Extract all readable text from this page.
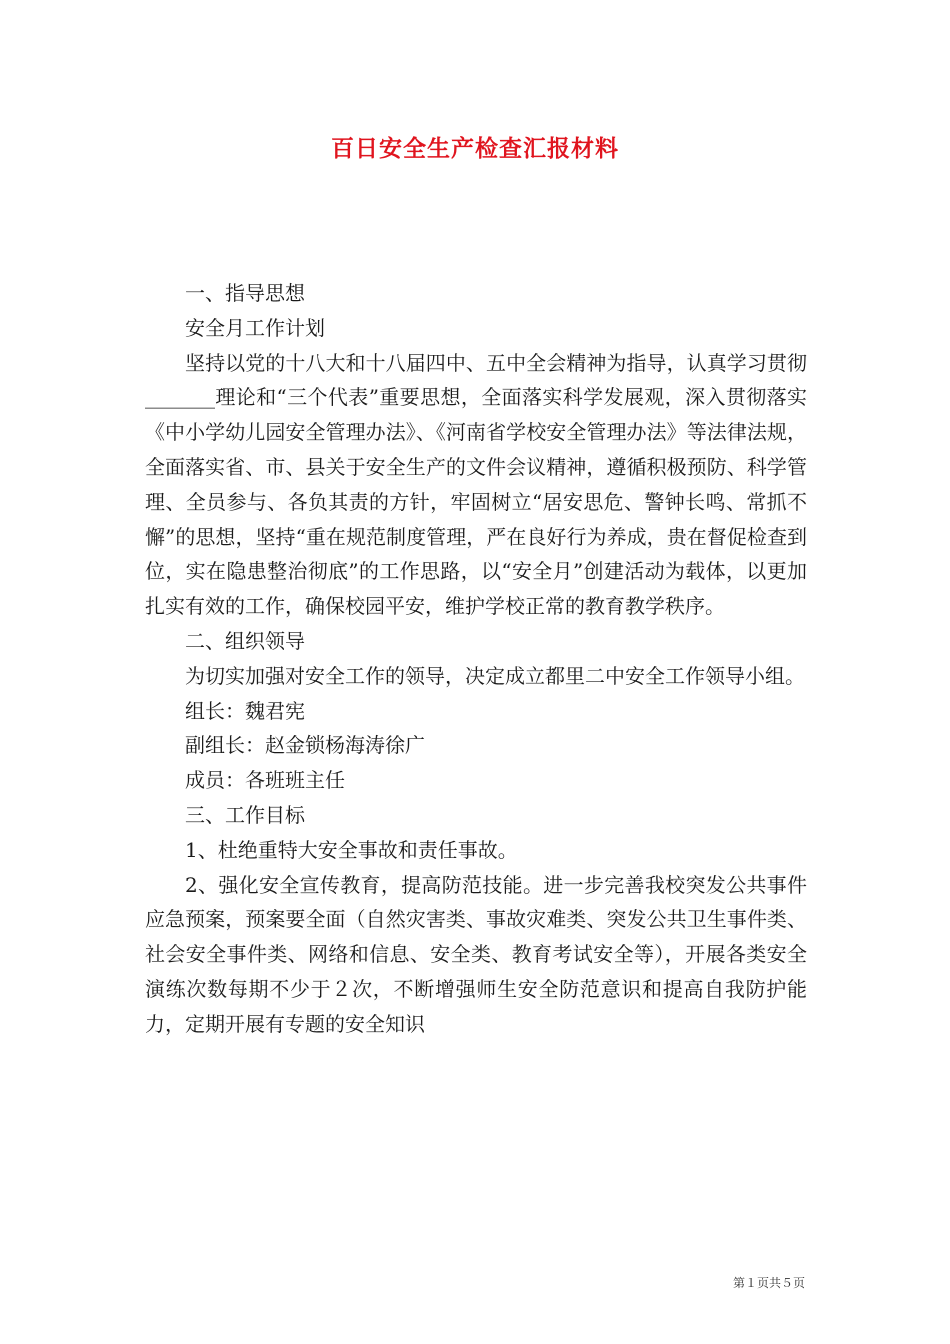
百日安全生产检查汇报材料

一、指导思想

安全月工作计划

坚持以党的十八大和十八届四中、五中全会精神为指导，认真学习贯彻_______理论和“三个代表”重要思想，全面落实科学发展观，深入贯彻落实《中小学幼儿园安全管理办法》、《河南省学校安全管理办法》等法律法规，全面落实省、市、县关于安全生产的文件会议精神，遵循积极预防、科学管理、全员参与、各负其责的方针，牢固树立“居安思危、警钟长鸣、常抓不懈”的思想，坚持“重在规范制度管理，严在良好行为养成，贵在督促检查到位，实在隐患整治彻底”的工作思路，以“安全月”创建活动为载体，以更加扎实有效的工作，确保校园平安，维护学校正常的教育教学秩序。

二、组织领导

为切实加强对安全工作的领导，决定成立都里二中安全工作领导小组。

组长：魏君宪

副组长：赵金锁杨海涛徐广

成员：各班班主任

三、工作目标

1、杜绝重特大安全事故和责任事故。

2、强化安全宣传教育，提高防范技能。进一步完善我校突发公共事件应急预案，预案要全面（自然灾害类、事故灾难类、突发公共卫生事件类、社会安全事件类、网络和信息、安全类、教育考试安全等），开展各类安全演练次数每期不少于２次，不断增强师生安全防范意识和提高自我防护能力，定期开展有专题的安全知识

第１页共５页
